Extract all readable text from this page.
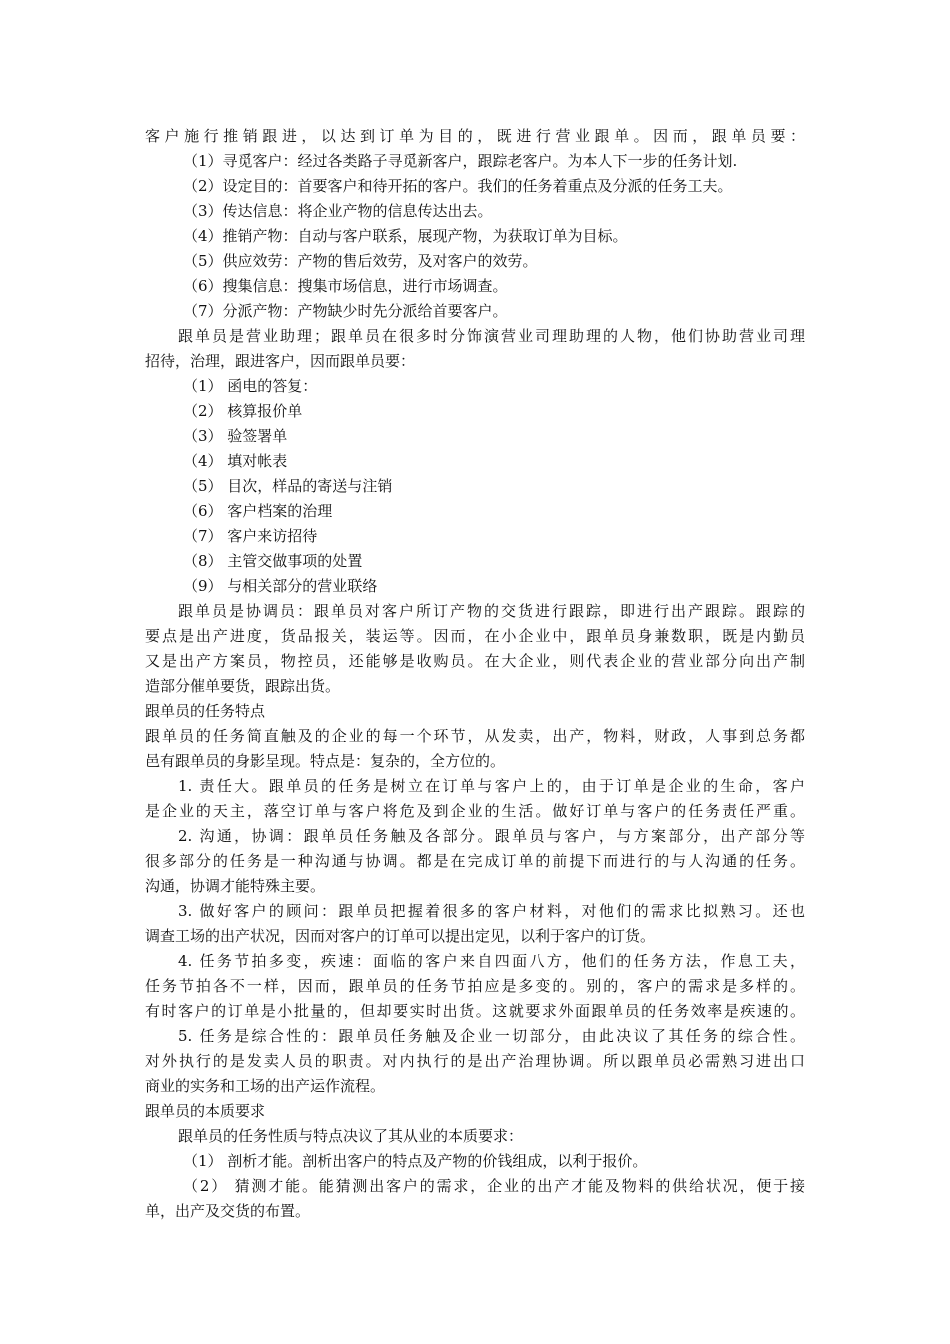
客户施行推销跟进，以达到订单为目的，既进行营业跟单。因而，跟单员要：
（1）寻觅客户：经过各类路子寻觅新客户，跟踪老客户。为本人下一步的任务计划.
（2）设定目的：首要客户和待开拓的客户。我们的任务着重点及分派的任务工夫。
（3）传达信息：将企业产物的信息传达出去。
（4）推销产物：自动与客户联系，展现产物，为获取订单为目标。
（5）供应效劳：产物的售后效劳，及对客户的效劳。
（6）搜集信息：搜集市场信息，进行市场调查。
（7）分派产物：产物缺少时先分派给首要客户。
跟单员是营业助理；跟单员在很多时分饰演营业司理助理的人物，他们协助营业司理
招待，治理，跟进客户，因而跟单员要：
（1） 函电的答复：
（2） 核算报价单
（3） 验签署单
（4） 填对帐表
（5） 目次，样品的寄送与注销
（6） 客户档案的治理
（7） 客户来访招待
（8） 主管交做事项的处置
（9） 与相关部分的营业联络
跟单员是协调员：跟单员对客户所订产物的交货进行跟踪，即进行出产跟踪。跟踪的
要点是出产进度，货品报关，装运等。因而，在小企业中，跟单员身兼数职，既是内勤员
又是出产方案员，物控员，还能够是收购员。在大企业，则代表企业的营业部分向出产制
造部分催单要货，跟踪出货。
跟单员的任务特点
跟单员的任务简直触及的企业的每一个环节，从发卖，出产，物料，财政，人事到总务都
邑有跟单员的身影呈现。特点是：复杂的，全方位的。
1. 责任大。跟单员的任务是树立在订单与客户上的，由于订单是企业的生命，客户
是企业的天主，落空订单与客户将危及到企业的生活。做好订单与客户的任务责任严重。
2. 沟通，协调：跟单员任务触及各部分。跟单员与客户，与方案部分，出产部分等
很多部分的任务是一种沟通与协调。都是在完成订单的前提下而进行的与人沟通的任务。
沟通，协调才能特殊主要。
3. 做好客户的顾问：跟单员把握着很多的客户材料，对他们的需求比拟熟习。还也
调查工场的出产状况，因而对客户的订单可以提出定见，以利于客户的订货。
4. 任务节拍多变，疾速：面临的客户来自四面八方，他们的任务方法，作息工夫，
任务节拍各不一样，因而，跟单员的任务节拍应是多变的。别的，客户的需求是多样的。
有时客户的订单是小批量的，但却要实时出货。这就要求外面跟单员的任务效率是疾速的。
5. 任务是综合性的：跟单员任务触及企业一切部分，由此决议了其任务的综合性。
对外执行的是发卖人员的职责。对内执行的是出产治理协调。所以跟单员必需熟习进出口
商业的实务和工场的出产运作流程。
跟单员的本质要求
跟单员的任务性质与特点决议了其从业的本质要求：
（1） 剖析才能。剖析出客户的特点及产物的价钱组成，以利于报价。
（2） 猜测才能。能猜测出客户的需求，企业的出产才能及物料的供给状况，便于接
单，出产及交货的布置。
